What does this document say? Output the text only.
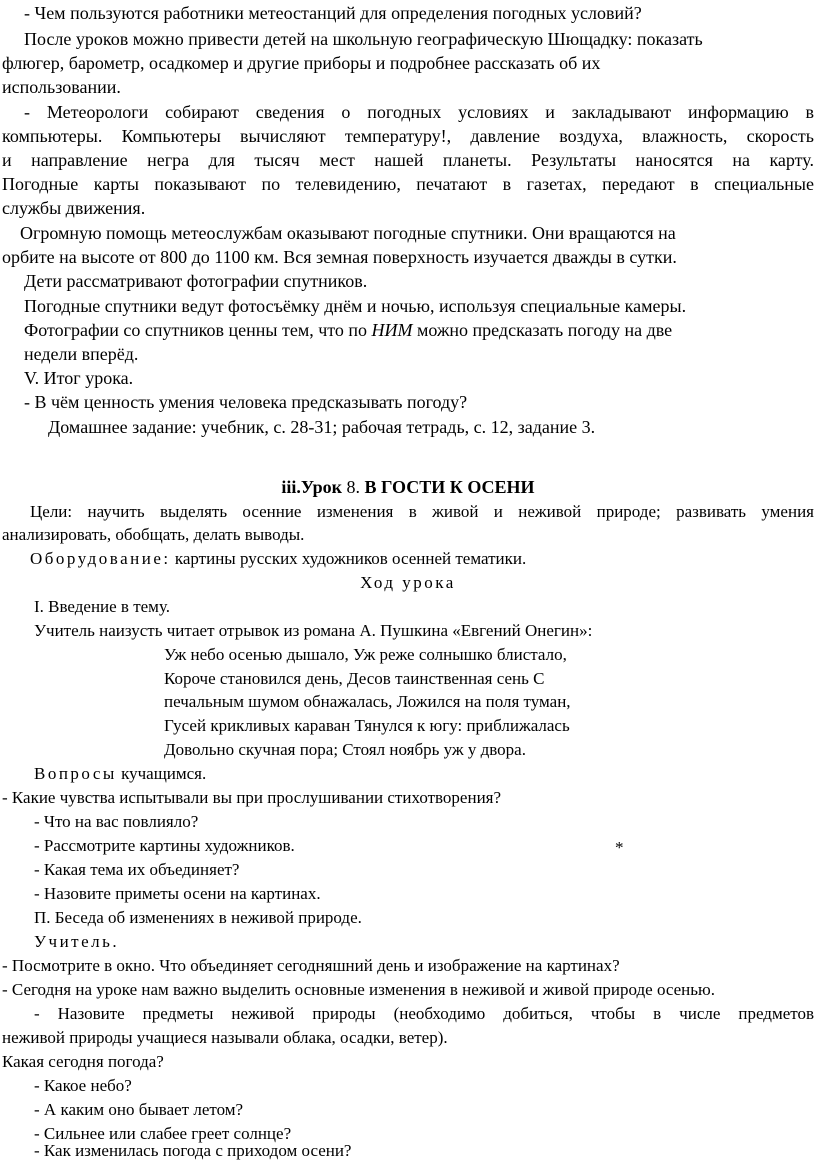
- Чем пользуются работники метеостанций для определения погодных условий?
После уроков можно привести детей на школьную географическую Шющадку: показать
флюгер, барометр, осадкомер и другие приборы и подробнее рассказать об их
использовании.
- Метеорологи собирают сведения о погодных условиях и закладывают информацию в
компьютеры. Компьютеры вычисляют температуру!, давление воздуха, влажность, скорость
и направление негра для тысяч мест нашей планеты. Результаты наносятся на карту.
Погодные карты показывают по телевидению, печатают в газетах, передают в специальные
службы движения.
Огромную помощь метеослужбам оказывают погодные спутники. Они вращаются на
орбите на высоте от 800 до 1100 км. Вся земная поверхность изучается дважды в сутки.
Дети рассматривают фотографии спутников.
Погодные спутники ведут фотосъёмку днём и ночью, используя специальные камеры.
Фотографии со спутников ценны тем, что по НИМ можно предсказать погоду на две
недели вперёд.
V. Итог урока.
- В чём ценность умения человека предсказывать погоду?
Домашнее задание: учебник, с. 28-31; рабочая тетрадь, с. 12, задание 3.
iii.Урок 8. В ГОСТИ К ОСЕНИ
Цели: научить выделять осенние изменения в живой и неживой природе; развивать умения
анализировать, обобщать, делать выводы.
Оборудование: картины русских художников осенней тематики.
Ход урока
I. Введение в тему.
Учитель наизусть читает отрывок из романа А. Пушкина «Евгений Онегин»:
Уж небо осенью дышало, Уж реже солнышко блистало,
Короче становился день, Десов таинственная сень С
печальным шумом обнажалась, Ложился на поля туман,
Гусей крикливых караван Тянулся к югу: приближалась
Довольно скучная пора; Стоял ноябрь уж у двора.
Вопросы кучащимся.
- Какие чувства испытывали вы при прослушивании стихотворения?
- Что на вас повлияло?
- Рассмотрите картины художников.	*
- Какая тема их объединяет?
- Назовите приметы осени на картинах.
П. Беседа об изменениях в неживой природе.
Учитель.
- Посмотрите в окно. Что объединяет сегодняшний день и изображение на картинах?
- Сегодня на уроке нам важно выделить основные изменения в неживой и живой природе осенью.
- Назовите предметы неживой природы (необходимо добиться, чтобы в числе предметов
неживой природы учащиеся называли облака, осадки, ветер).
Какая сегодня погода?
- Какое небо?
- А каким оно бывает летом?
- Сильнее или слабее греет солнце?
- Как изменилась погода с приходом осени?
